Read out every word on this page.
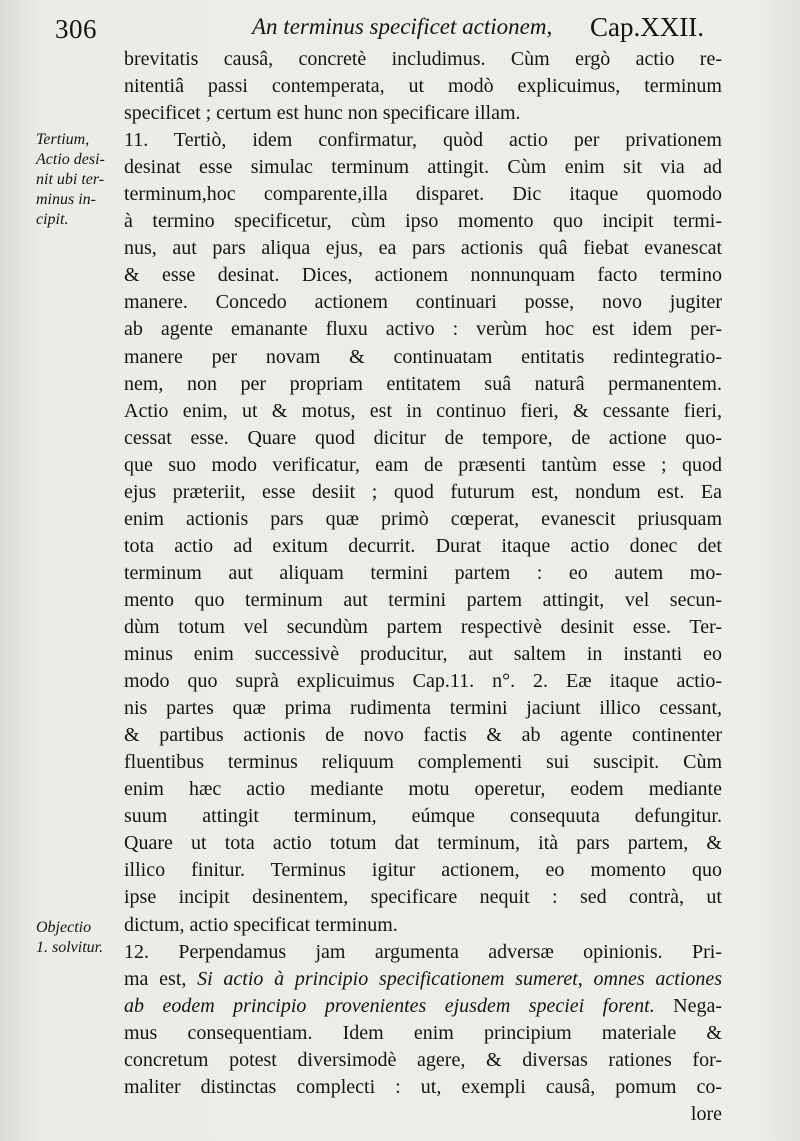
306	An terminus specificet actionem, Cap.XXII.
Tertium,
Actio desi-
nit ubi ter-
minus in-
cipit.
Objectio
1. solvitur.
brevitatis causâ, concretè includimus. Cùm ergò actio re-
nitentiâ passi contemperata, ut modò explicuimus, terminum
specificet ; certum est hunc non specificare illam.
11. Tertiò, idem confirmatur, quòd actio per privationem
desinat esse simulac terminum attingit. Cùm enim sit via ad
terminum,hoc comparente,illa disparet. Dic itaque quomodo
à termino specificetur, cùm ipso momento quo incipit termi-
nus, aut pars aliqua ejus, ea pars actionis quâ fiebat evanescat
& esse desinat. Dices, actionem nonnunquam facto termino
manere. Concedo actionem continuari posse, novo jugiter
ab agente emanante fluxu activo : verùm hoc est idem per-
manere per novam & continuatam entitatis redintegratio-
nem, non per propriam entitatem suâ naturâ permanentem.
Actio enim, ut & motus, est in continuo fieri, & cessante fieri,
cessat esse. Quare quod dicitur de tempore, de actione quo-
que suo modo verificatur, eam de præsenti tantùm esse ; quod
ejus præteriit, esse desiit ; quod futurum est, nondum est. Ea
enim actionis pars quæ primò cœperat, evanescit priusquam
tota actio ad exitum decurrit. Durat itaque actio donec det
terminum aut aliquam termini partem : eo autem mo-
mento quo terminum aut termini partem attingit, vel secun-
dùm totum vel secundùm partem respectivè desinit esse. Ter-
minus enim successivè producitur, aut saltem in instanti eo
modo quo suprà explicuimus Cap.11. n°. 2. Eæ itaque actio-
nis partes quæ prima rudimenta termini jaciunt illico cessant,
& partibus actionis de novo factis & ab agente continenter
fluentibus terminus reliquum complementi sui suscipit. Cùm
enim hæc actio mediante motu operetur, eodem mediante
suum attingit terminum, eúmque consequuta defungitur.
Quare ut tota actio totum dat terminum, ità pars partem, &
illico finitur. Terminus igitur actionem, eo momento quo
ipse incipit desinentem, specificare nequit : sed contrà, ut
dictum, actio specificat terminum.
12. Perpendamus jam argumenta adversæ opinionis. Pri-
ma est, Si actio à principio specificationem sumeret, omnes actiones
ab eodem principio provenientes ejusdem speciei forent. Nega-
mus consequentiam. Idem enim principium materiale &
concretum potest diversimodè agere, & diversas rationes for-
maliter distinctas complecti : ut, exempli causâ, pomum co-
lore
